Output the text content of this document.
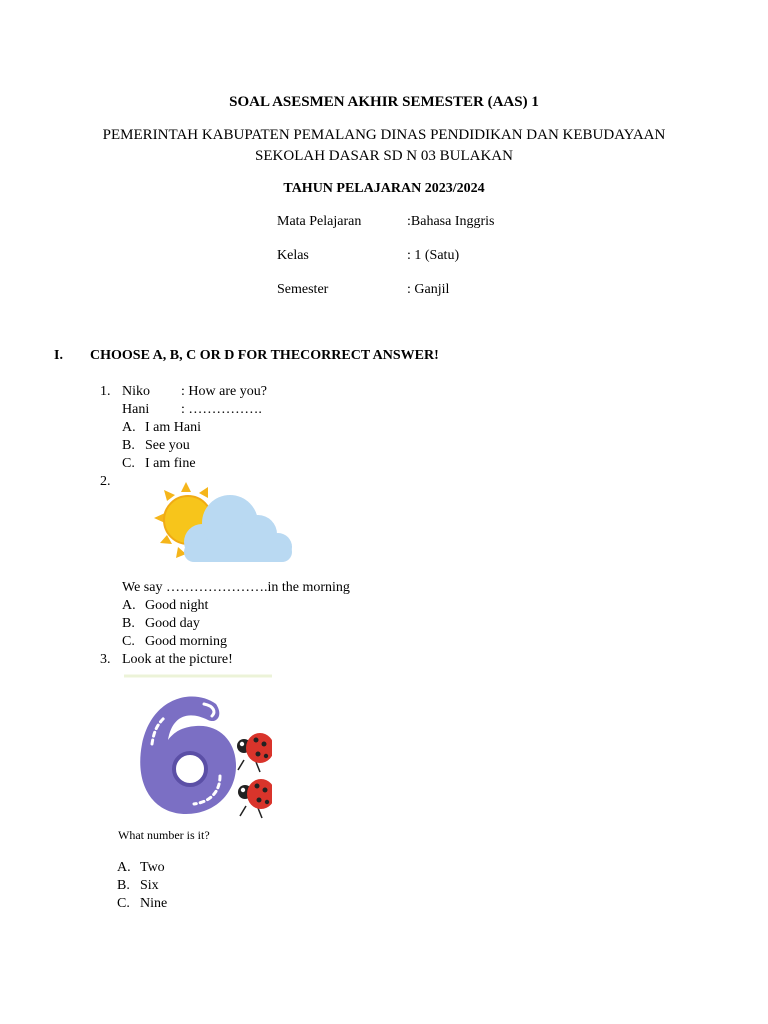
SOAL ASESMEN AKHIR SEMESTER (AAS) 1
PEMERINTAH KABUPATEN PEMALANG DINAS PENDIDIKAN DAN KEBUDAYAAN
SEKOLAH DASAR SD N 03 BULAKAN
TAHUN PELAJARAN 2023/2024
Mata Pelajaran	:Bahasa Inggris
Kelas	: 1 (Satu)
Semester	: Ganjil
I. CHOOSE A, B, C OR D FOR THECORRECT ANSWER!
1. Niko : How are you?
Hani : …………….
A. I am Hani
B. See you
C. I am fine
2.
We say ………………….in the morning
A. Good night
B. Good day
C. Good morning
3. Look at the picture!
What number is it?
A. Two
B. Six
C. Nine
